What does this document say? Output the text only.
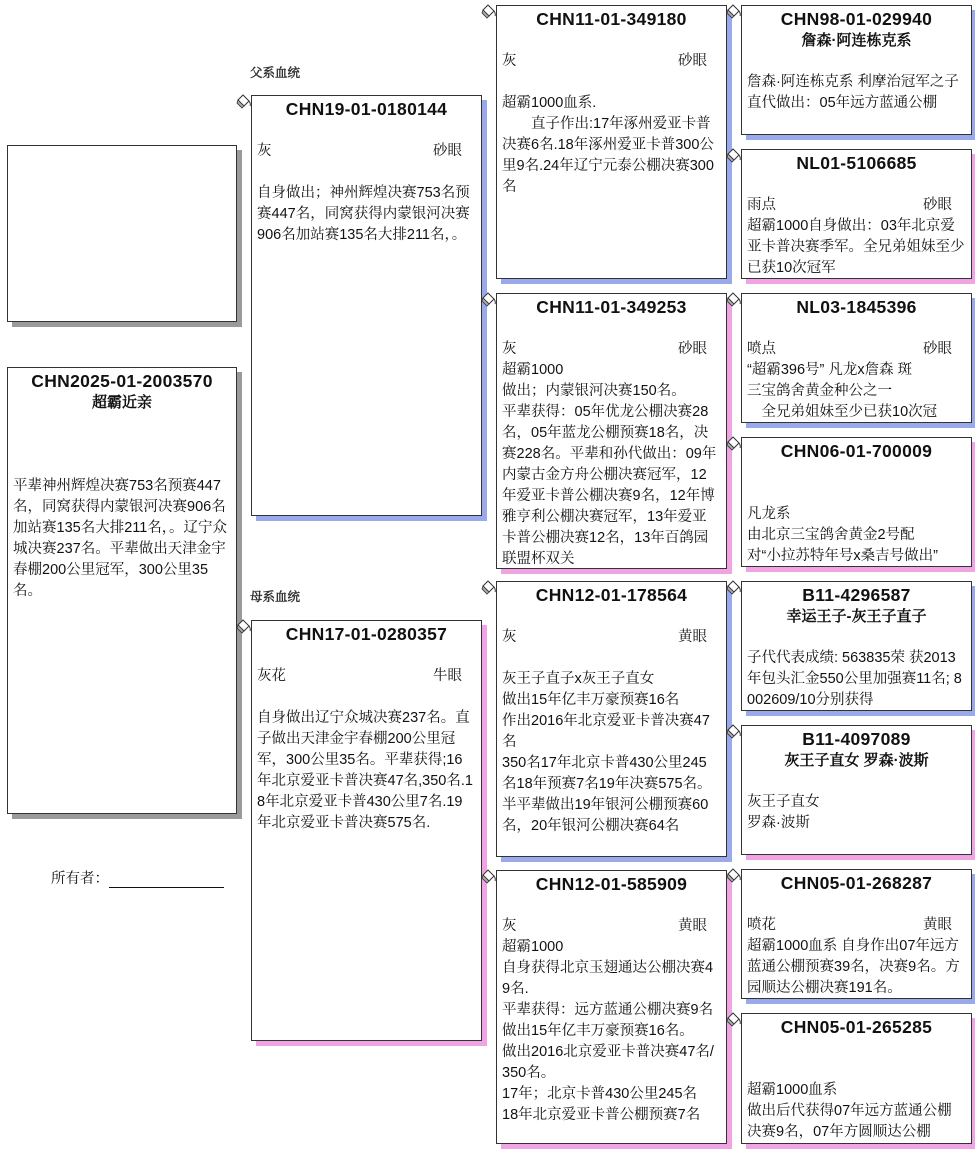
CHN2025-01-2003570
超霸近亲
平辈神州辉煌决赛753名预赛447名，同窝获得内蒙银河决赛906名加站赛135名大排211名，。辽宁众城决赛237名。平辈做出天津金宇春棚200公里冠军，300公里35名。
所有者：
父系血统
母系血统
CHN19-01-0180144
灰	砂眼
自身做出；神州辉煌决赛753名预赛447名，同窝获得内蒙银河决赛906名加站赛135名大排211名，。
CHN17-01-0280357
灰花	牛眼
自身做出辽宁众城决赛237名。直子做出天津金宇春棚200公里冠军，300公里35名。平辈获得;16年北京爱亚卡普决赛47名,350名.18年北京爱亚卡普430公里7名.19年北京爱亚卡普决赛575名.
CHN11-01-349180
灰	砂眼
超霸1000血系.
　　直子作出:17年涿州爱亚卡普决赛6名.18年涿州爱亚卡普300公里9名.24年辽宁元泰公棚决赛300名
CHN11-01-349253
灰	砂眼
超霸1000
做出；内蒙银河决赛150名。
平辈获得：05年优龙公棚决赛28名，05年蓝龙公棚预赛18名，决赛228名。平辈和孙代做出：09年内蒙古金方舟公棚决赛冠军，12年爱亚卡普公棚决赛9名，12年博雅亨利公棚决赛冠军，13年爱亚卡普公棚决赛12名，13年百鸽园联盟杯双关
CHN12-01-178564
灰	黄眼
灰王子直子x灰王子直女
做出15年亿丰万豪预赛16名
作出2016年北京爱亚卡普决赛47名
350名17年北京卡普430公里245名18年预赛7名19年决赛575名。半平辈做出19年银河公棚预赛60名，20年银河公棚决赛64名
CHN12-01-585909
灰	黄眼
超霸1000
自身获得北京玉翅通达公棚决赛49名.
平辈获得：远方蓝通公棚决赛9名
做出15年亿丰万豪预赛16名。
做出2016北京爱亚卡普决赛47名/350名。
17年；北京卡普430公里245名
18年北京爱亚卡普公棚预赛7名
CHN98-01-029940
詹森·阿连栋克系
詹森·阿连栋克系 利摩治冠军之子
直代做出：05年远方蓝通公棚
NL01-5106685
雨点	砂眼
超霸1000自身做出：03年北京爱亚卡普决赛季军。全兄弟姐妹至少已获10次冠军
NL03-1845396
喷点	砂眼
“超霸396号” 凡龙x詹森 斑
三宝鸽舍黄金种公之一
　全兄弟姐妹至少已获10次冠
CHN06-01-700009
凡龙系
由北京三宝鸽舍黄金2号配
对“小拉苏特年号x桑吉号做出”
B11-4296587
幸运王子-灰王子直子
子代代表成绩: 563835荣 获2013年包头汇金550公里加强赛11名; 8002609/10分别获得
B11-4097089
灰王子直女 罗森·波斯
灰王子直女
罗森·波斯
CHN05-01-268287
喷花	黄眼
超霸1000血系 自身作出07年远方蓝通公棚预赛39名，决赛9名。方园顺达公棚决赛191名。
CHN05-01-265285
超霸1000血系
做出后代获得07年远方蓝通公棚决赛9名，07年方圆顺达公棚
